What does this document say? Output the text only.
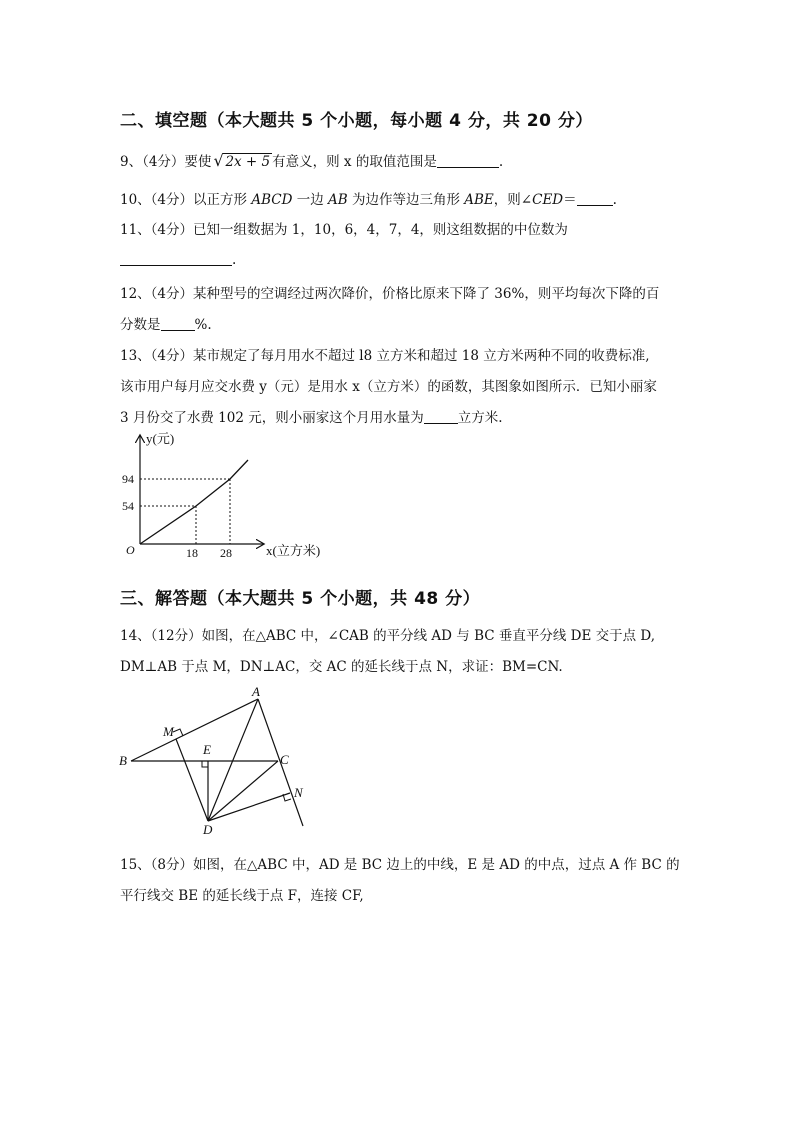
二、填空题（本大题共 5 个小题，每小题 4 分，共 20 分）
9、（4分）要使 √ 2x + 5 有意义，则 x 的取值范围是	.
10、（4分）以正方形 ABCD 一边 AB 为边作等边三角形 ABE，则∠CED＝	.
11、（4分）已知一组数据为 1，10，6，4，7，4，则这组数据的中位数为
.
12、（4分）某种型号的空调经过两次降价，价格比原来下降了 36%，则平均每次下降的百
分数是	%.
13、（4分）某市规定了每月用水不超过 l8 立方米和超过 18 立方米两种不同的收费标准,
该市用户每月应交水费 y（元）是用水 x（立方米）的函数，其图象如图所示．已知小丽家
3 月份交了水费 102 元，则小丽家这个月用水量为	立方米.
y(元)
x(立方米)
O
94
54
18 28
三、解答题（本大题共 5 个小题，共 48 分）
14、（12分）如图，在△ABC 中，∠CAB 的平分线 AD 与 BC 垂直平分线 DE 交于点 D,
DM⊥AB 于点 M，DN⊥AC，交 AC 的延长线于点 N，求证：BM=CN.
A
B	C
D
E
M
N
15、（8分）如图，在△ABC 中，AD 是 BC 边上的中线，E 是 AD 的中点，过点 A 作 BC 的
平行线交 BE 的延长线于点 F，连接 CF,
